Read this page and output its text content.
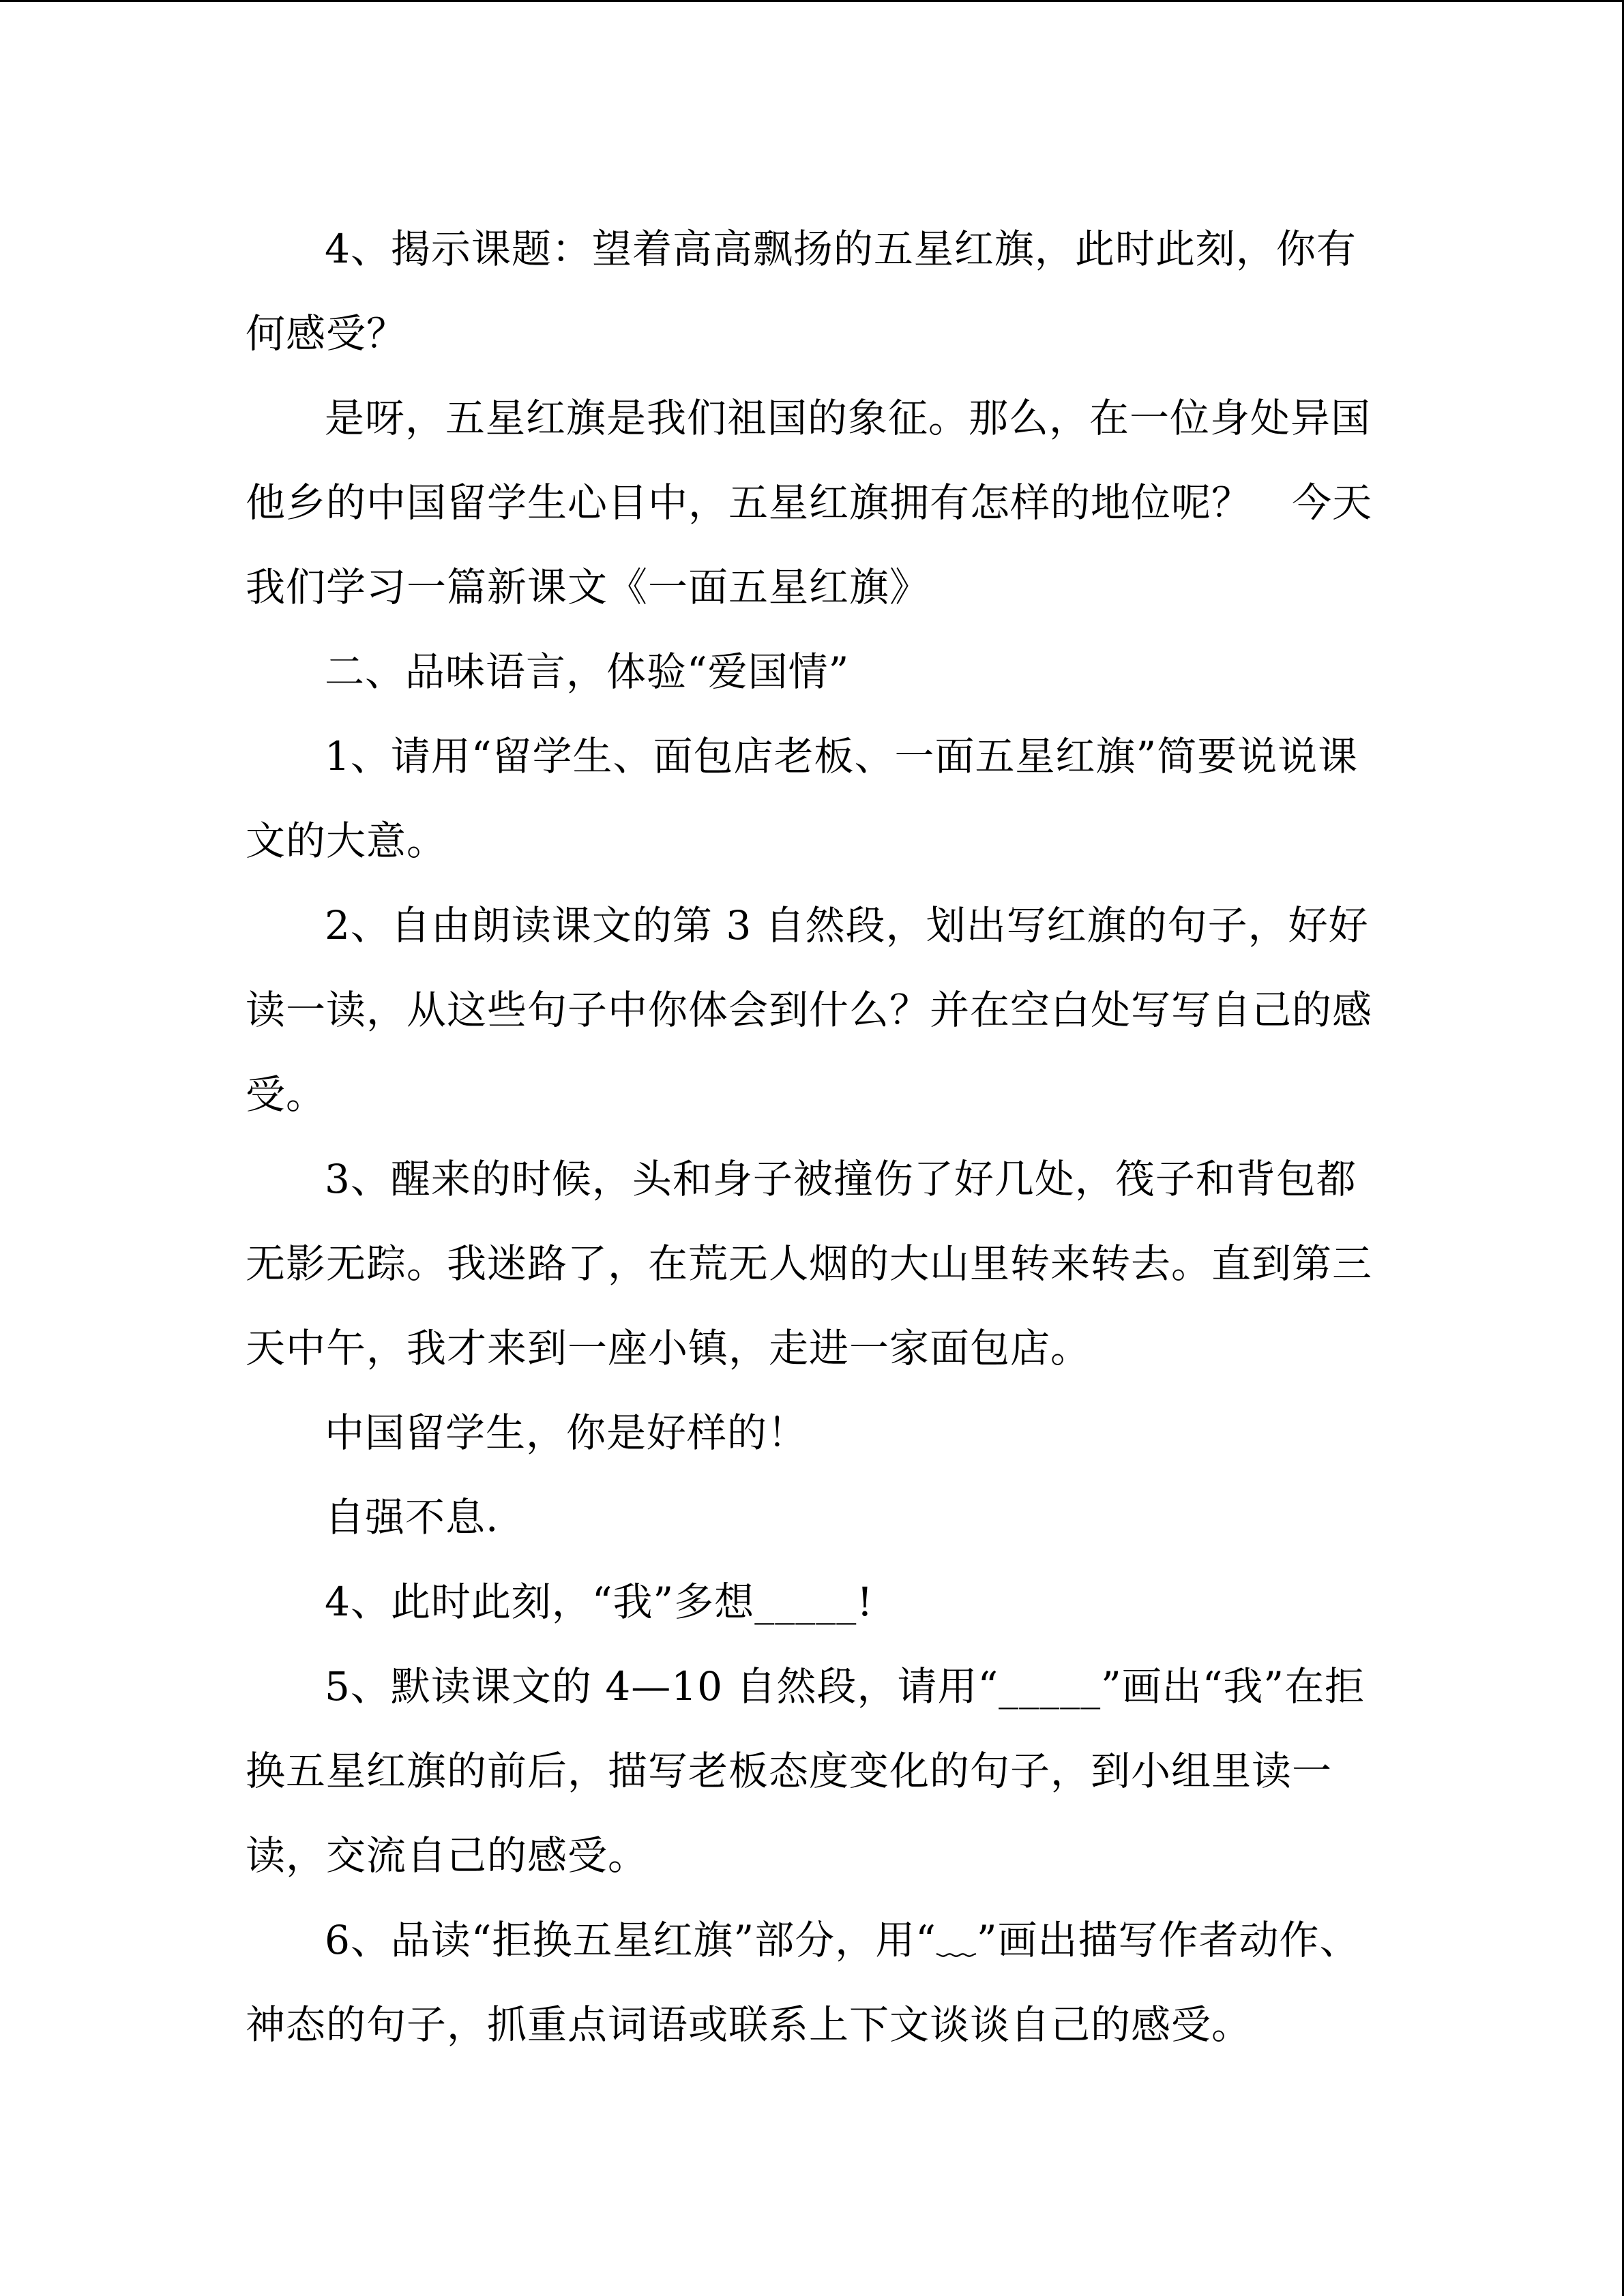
4、揭示课题：望着高高飘扬的五星红旗，此时此刻，你有何感受？

是呀，五星红旗是我们祖国的象征。那么，在一位身处异国他乡的中国留学生心目中，五星红旗拥有怎样的地位呢？　今天我们学习一篇新课文《一面五星红旗》

二、品味语言，体验“爱国情”

1、请用“留学生、面包店老板、一面五星红旗”简要说说课文的大意。

2、自由朗读课文的第 3 自然段，划出写红旗的句子，好好读一读，从这些句子中你体会到什么？并在空白处写写自己的感受。

3、醒来的时候，头和身子被撞伤了好几处，筏子和背包都无影无踪。我迷路了，在荒无人烟的大山里转来转去。直到第三天中午，我才来到一座小镇，走进一家面包店。

中国留学生，你是好样的！

自强不息.

4、此时此刻，“我”多想_____!

5、默读课文的 4—10 自然段，请用“_____”画出“我”在拒换五星红旗的前后，描写老板态度变化的句子，到小组里读一读，交流自己的感受。

6、品读“拒换五星红旗”部分，用“﹏”画出描写作者动作、神态的句子，抓重点词语或联系上下文谈谈自己的感受。
